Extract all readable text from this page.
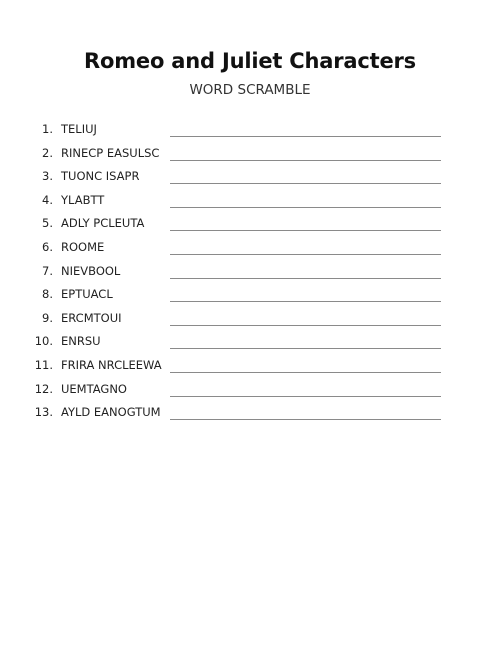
Romeo and Juliet Characters
WORD SCRAMBLE
1. TELIUJ
2. RINECP EASULSC
3. TUONC ISAPR
4. YLABTT
5. ADLY PCLEUTA
6. ROOME
7. NIEVBOOL
8. EPTUACL
9. ERCMTOUI
10. ENRSU
11. FRIRA NRCLEEWA
12. UEMTAGNO
13. AYLD EANOGTUM
